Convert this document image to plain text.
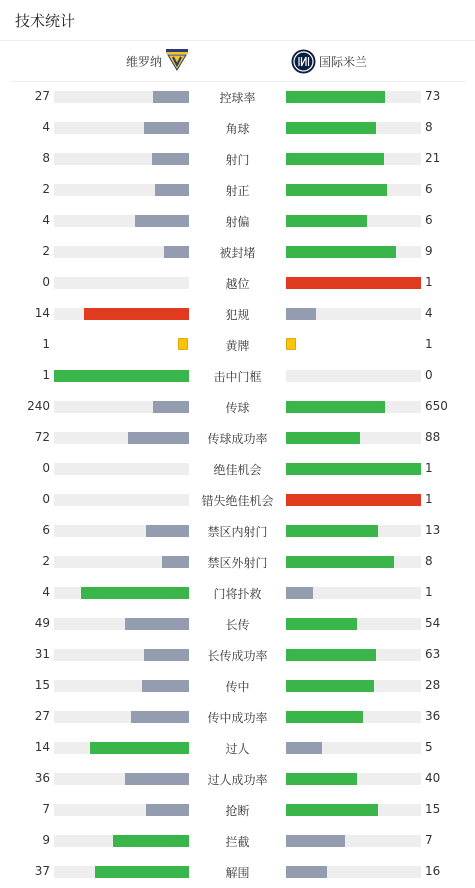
技术统计
维罗纳	国际米兰
27	控球率	73
4	角球	8
8	射门	21
2	射正	6
4	射偏	6
2	被封堵	9
0	越位	1
14	犯规	4
1	黄牌	1
1	击中门框	0
240	传球	650
72	传球成功率	88
0	绝佳机会	1
0	错失绝佳机会	1
6	禁区内射门	13
2	禁区外射门	8
4	门将扑救	1
49	长传	54
31	长传成功率	63
15	传中	28
27	传中成功率	36
14	过人	5
36	过人成功率	40
7	抢断	15
9	拦截	7
37	解围	16
